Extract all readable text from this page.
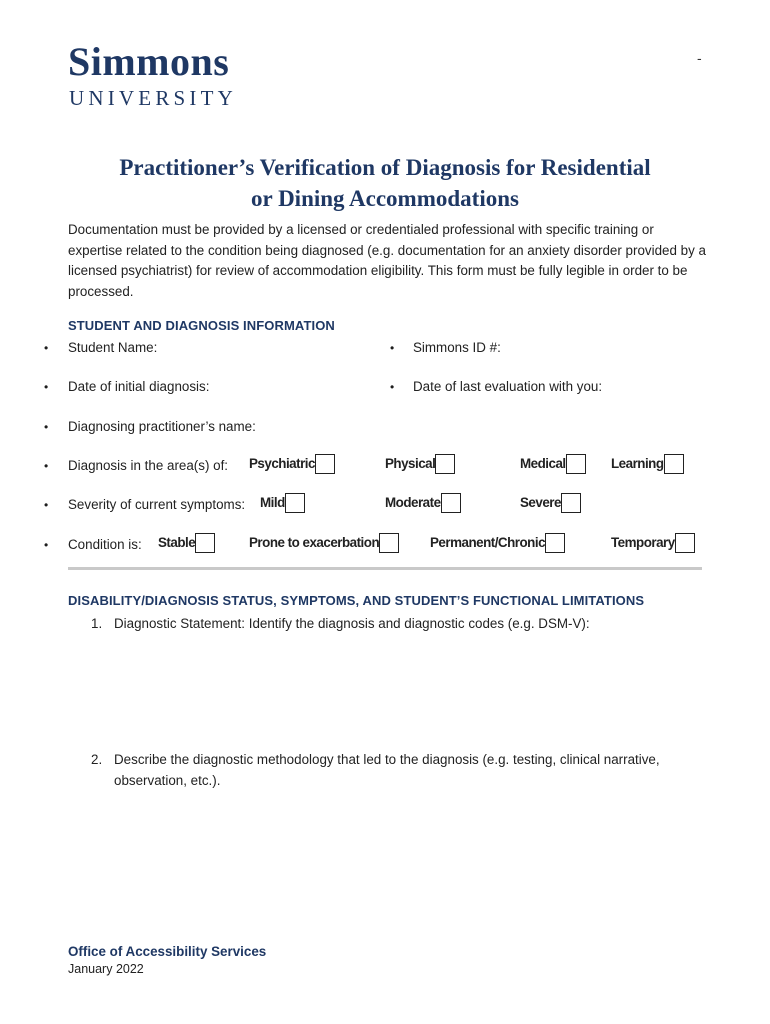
Simmons
UNIVERSITY
-
Practitioner’s Verification of Diagnosis for Residential
or Dining Accommodations
Documentation must be provided by a licensed or credentialed professional with specific training or expertise related to the condition being diagnosed (e.g. documentation for an anxiety disorder provided by a licensed psychiatrist) for review of accommodation eligibility. This form must be fully legible in order to be processed.
STUDENT AND DIAGNOSIS INFORMATION
• Student Name:	• Simmons ID #:
• Date of initial diagnosis:	• Date of last evaluation with you:
• Diagnosing practitioner’s name:
• Diagnosis in the area(s) of: Psychiatric	Physical	Medical	Learning
• Severity of current symptoms: Mild	Moderate	Severe
• Condition is: Stable	Prone to exacerbation	Permanent/Chronic	Temporary
DISABILITY/DIAGNOSIS STATUS, SYMPTOMS, AND STUDENT’S FUNCTIONAL LIMITATIONS
1. Diagnostic Statement: Identify the diagnosis and diagnostic codes (e.g. DSM-V):
2. Describe the diagnostic methodology that led to the diagnosis (e.g. testing, clinical narrative,
observation, etc.).
Office of Accessibility Services
January 2022
